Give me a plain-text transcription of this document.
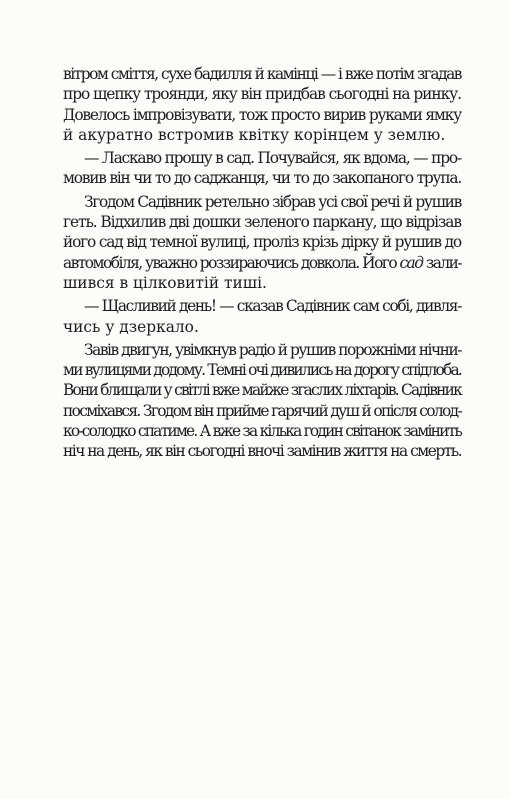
вітром сміття, сухе бадилля й камінці — і вже потім згадав
про щепку троянди, яку він придбав сьогодні на ринку.
Довелось імпровізувати, тож просто вирив руками ямку
й акуратно встромив квітку корінцем у землю.
— Ласкаво прошу в сад. Почувайся, як вдома, — про-
мовив він чи то до саджанця, чи то до закопаного трупа.
Згодом Садівник ретельно зібрав усі свої речі й рушив
геть. Відхилив дві дошки зеленого паркану, що відрізав
його сад від темної вулиці, проліз крізь дірку й рушив до
автомобіля, уважно роззираючись довкола. Його сад зали-
шився в цілковитій тиші.
— Щасливий день! — сказав Садівник сам собі, дивля-
чись у дзеркало.
Завів двигун, увімкнув радіо й рушив порожніми нічни-
ми вулицями додому. Темні очі дивились на дорогу спідлоба.
Вони блищали у світлі вже майже згаслих ліхтарів. Садівник
посміхався. Згодом він прийме гарячий душ й опісля солод-
ко-солодко спатиме. А вже за кілька годин світанок замінить
ніч на день, як він сьогодні вночі замінив життя на смерть.
